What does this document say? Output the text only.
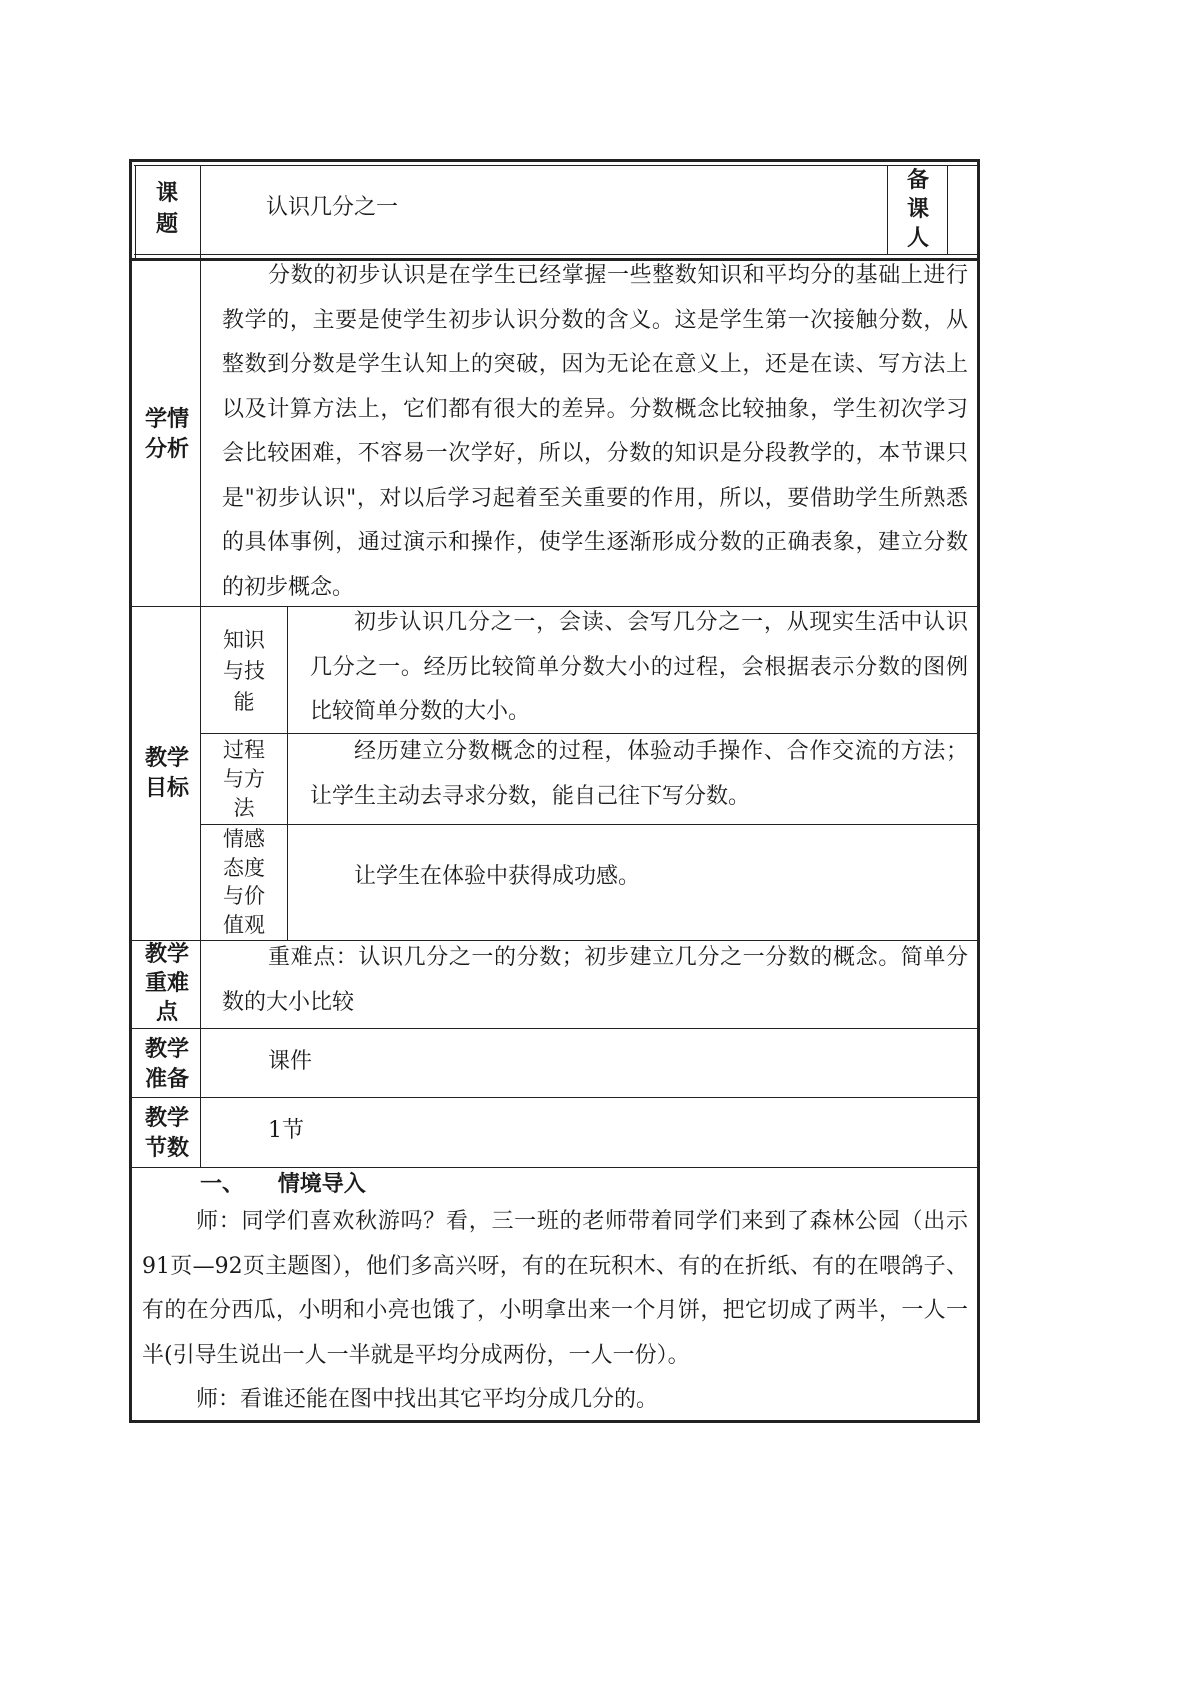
课题
认识几分之一
备课人
学情分析
分数的初步认识是在学生已经掌握一些整数知识和平均分的基础上进行教学的，主要是使学生初步认识分数的含义。这是学生第一次接触分数，从整数到分数是学生认知上的突破，因为无论在意义上，还是在读、写方法上以及计算方法上，它们都有很大的差异。分数概念比较抽象，学生初次学习会比较困难，不容易一次学好，所以，分数的知识是分段教学的，本节课只是"初步认识"，对以后学习起着至关重要的作用，所以，要借助学生所熟悉的具体事例，通过演示和操作，使学生逐渐形成分数的正确表象，建立分数的初步概念。
教学目标
知识与技能
初步认识几分之一，会读、会写几分之一，从现实生活中认识几分之一。经历比较简单分数大小的过程，会根据表示分数的图例比较简单分数的大小。
过程与方法
经历建立分数概念的过程，体验动手操作、合作交流的方法；让学生主动去寻求分数，能自己往下写分数。
情感态度与价值观
让学生在体验中获得成功感。
教学重难点
重难点：认识几分之一的分数；初步建立几分之一分数的概念。简单分数的大小比较
教学准备
课件
教学节数
1节
一、 情境导入

师：同学们喜欢秋游吗？看，三一班的老师带着同学们来到了森林公园（出示91页—92页主题图），他们多高兴呀，有的在玩积木、有的在折纸、有的在喂鸽子、有的在分西瓜，小明和小亮也饿了，小明拿出来一个月饼，把它切成了两半，一人一半(引导生说出一人一半就是平均分成两份，一人一份）。

师：看谁还能在图中找出其它平均分成几分的。
